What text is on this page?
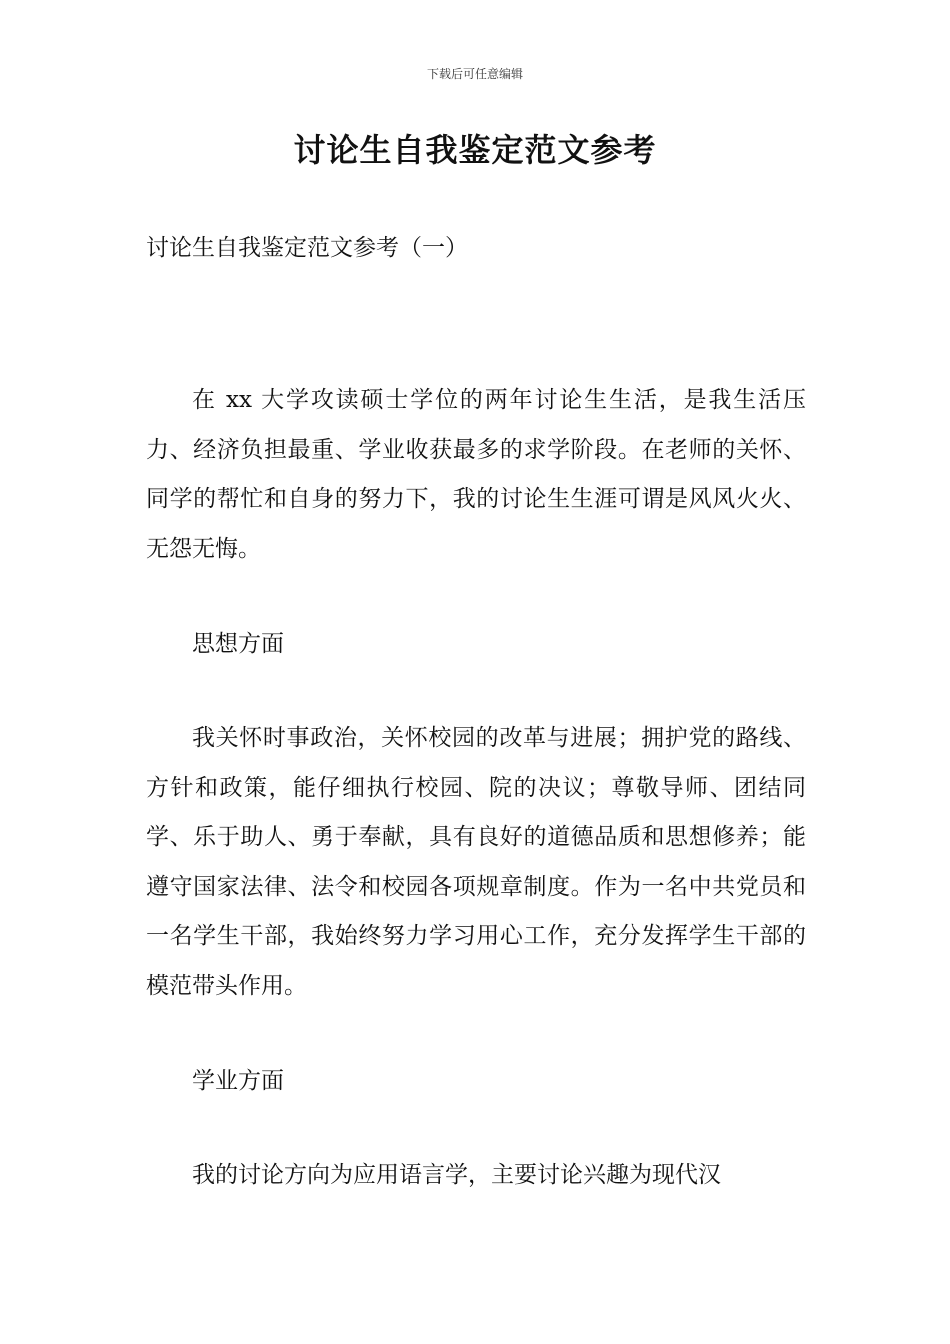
下载后可任意编辑
讨论生自我鉴定范文参考

讨论生自我鉴定范文参考（一）

在 xx 大学攻读硕士学位的两年讨论生生活，是我生活压力、经济负担最重、学业收获最多的求学阶段。在老师的关怀、同学的帮忙和自身的努力下，我的讨论生生涯可谓是风风火火、无怨无悔。

思想方面

我关怀时事政治，关怀校园的改革与进展；拥护党的路线、方针和政策，能仔细执行校园、院的决议；尊敬导师、团结同学、乐于助人、勇于奉献，具有良好的道德品质和思想修养；能遵守国家法律、法令和校园各项规章制度。作为一名中共党员和一名学生干部，我始终努力学习用心工作，充分发挥学生干部的模范带头作用。

学业方面

我的讨论方向为应用语言学，主要讨论兴趣为现代汉
